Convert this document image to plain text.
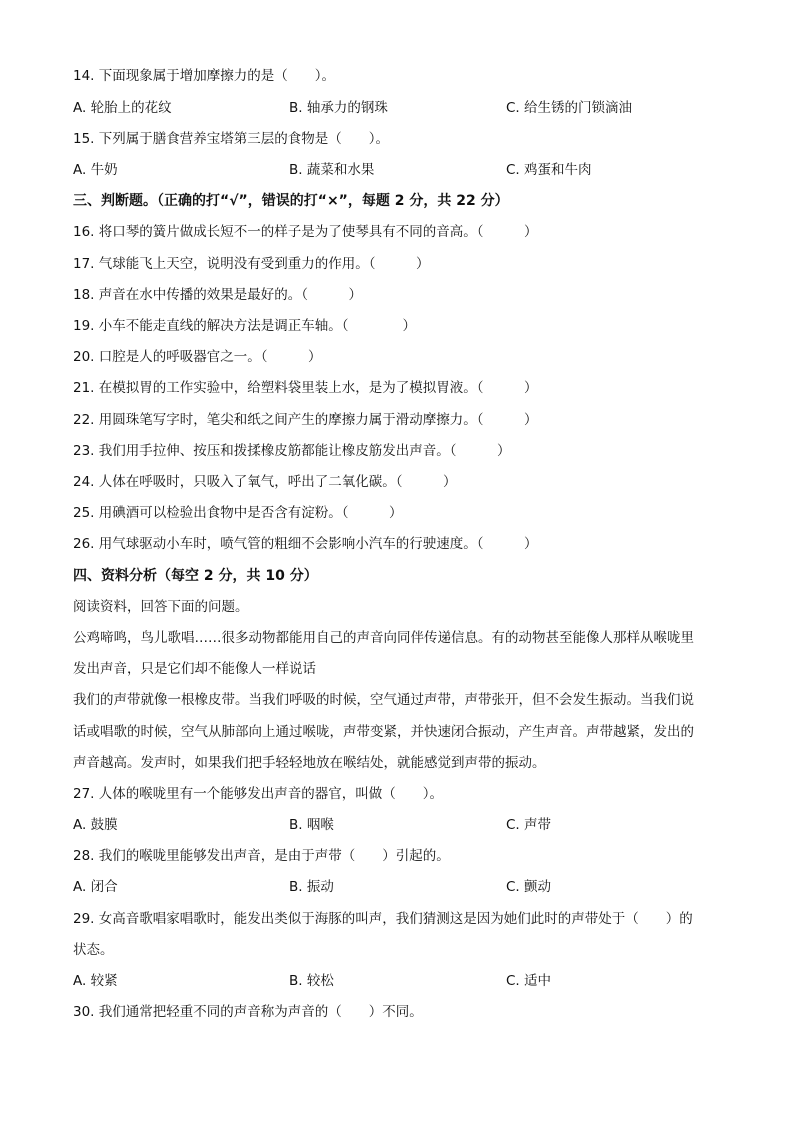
14. 下面现象属于增加摩擦力的是（　　）。
A. 轮胎上的花纹	B. 轴承力的钢珠	C. 给生锈的门锁滴油
15. 下列属于膳食营养宝塔第三层的食物是（　　）。
A. 牛奶	B. 蔬菜和水果	C. 鸡蛋和牛肉
三、判断题。（正确的打“√”，错误的打“×”，每题 2 分，共 22 分）
16. 将口琴的簧片做成长短不一的样子是为了使琴具有不同的音高。（　　　）
17. 气球能飞上天空，说明没有受到重力的作用。（　　　）
18. 声音在水中传播的效果是最好的。（　　　）
19. 小车不能走直线的解决方法是调正车轴。（　　　　）
20. 口腔是人的呼吸器官之一。（　　　）
21. 在模拟胃的工作实验中，给塑料袋里装上水，是为了模拟胃液。（　　　）
22. 用圆珠笔写字时，笔尖和纸之间产生的摩擦力属于滑动摩擦力。（　　　）
23. 我们用手拉伸、按压和拨揉橡皮筋都能让橡皮筋发出声音。（　　　）
24. 人体在呼吸时，只吸入了氧气，呼出了二氧化碳。（　　　）
25. 用碘酒可以检验出食物中是否含有淀粉。（　　　）
26. 用气球驱动小车时，喷气管的粗细不会影响小汽车的行驶速度。（　　　）
四、资料分析（每空 2 分，共 10 分）
阅读资料，回答下面的问题。
公鸡啼鸣，鸟儿歌唱……很多动物都能用自己的声音向同伴传递信息。有的动物甚至能像人那样从喉咙里
发出声音，只是它们却不能像人一样说话
我们的声带就像一根橡皮带。当我们呼吸的时候，空气通过声带，声带张开，但不会发生振动。当我们说
话或唱歌的时候，空气从肺部向上通过喉咙，声带变紧，并快速闭合振动，产生声音。声带越紧，发出的
声音越高。发声时，如果我们把手轻轻地放在喉结处，就能感觉到声带的振动。
27. 人体的喉咙里有一个能够发出声音的器官，叫做（　　）。
A. 鼓膜	B. 咽喉	C. 声带
28. 我们的喉咙里能够发出声音，是由于声带（　　）引起的。
A. 闭合	B. 振动	C. 颤动
29. 女高音歌唱家唱歌时，能发出类似于海豚的叫声，我们猜测这是因为她们此时的声带处于（　　）的
状态。
A. 较紧	B. 较松	C. 适中
30. 我们通常把轻重不同的声音称为声音的（　　）不同。
